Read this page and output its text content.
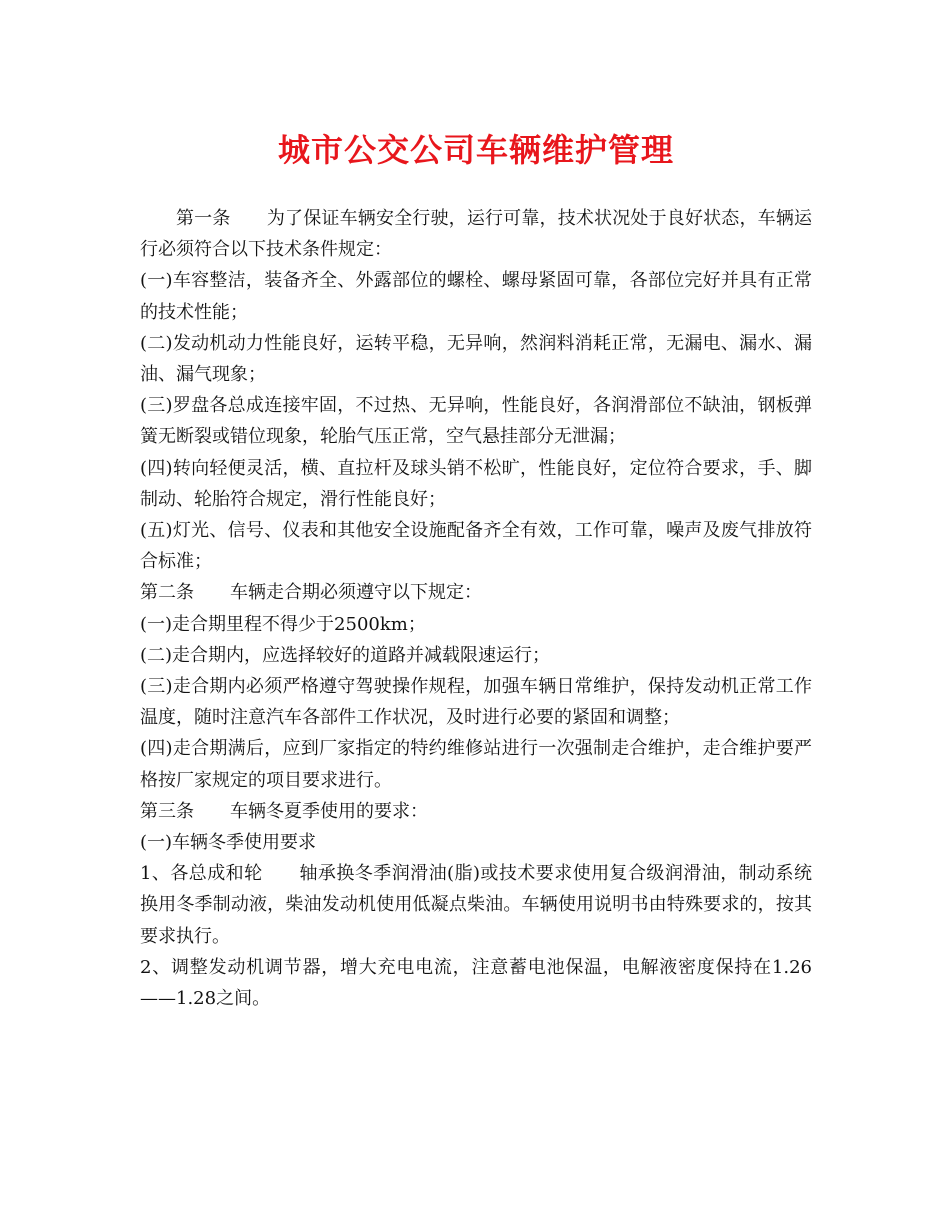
城市公交公司车辆维护管理

第一条　　为了保证车辆安全行驶，运行可靠，技术状况处于良好状态，车辆运行必须符合以下技术条件规定：

(一)车容整洁，装备齐全、外露部位的螺栓、螺母紧固可靠，各部位完好并具有正常的技术性能；

(二)发动机动力性能良好，运转平稳，无异响，然润料消耗正常，无漏电、漏水、漏油、漏气现象；

(三)罗盘各总成连接牢固，不过热、无异响，性能良好，各润滑部位不缺油，钢板弹簧无断裂或错位现象，轮胎气压正常，空气悬挂部分无泄漏；

(四)转向轻便灵活，横、直拉杆及球头销不松旷，性能良好，定位符合要求，手、脚制动、轮胎符合规定，滑行性能良好；

(五)灯光、信号、仪表和其他安全设施配备齐全有效，工作可靠，噪声及废气排放符合标准；

第二条　　车辆走合期必须遵守以下规定：

(一)走合期里程不得少于2500km；

(二)走合期内，应选择较好的道路并减载限速运行；

(三)走合期内必须严格遵守驾驶操作规程，加强车辆日常维护，保持发动机正常工作温度，随时注意汽车各部件工作状况，及时进行必要的紧固和调整；

(四)走合期满后，应到厂家指定的特约维修站进行一次强制走合维护，走合维护要严格按厂家规定的项目要求进行。

第三条　　车辆冬夏季使用的要求：

(一)车辆冬季使用要求

1、各总成和轮　　轴承换冬季润滑油(脂)或技术要求使用复合级润滑油，制动系统换用冬季制动液，柴油发动机使用低凝点柴油。车辆使用说明书由特殊要求的，按其要求执行。

2、调整发动机调节器，增大充电电流，注意蓄电池保温，电解液密度保持在1.26——1.28之间。
